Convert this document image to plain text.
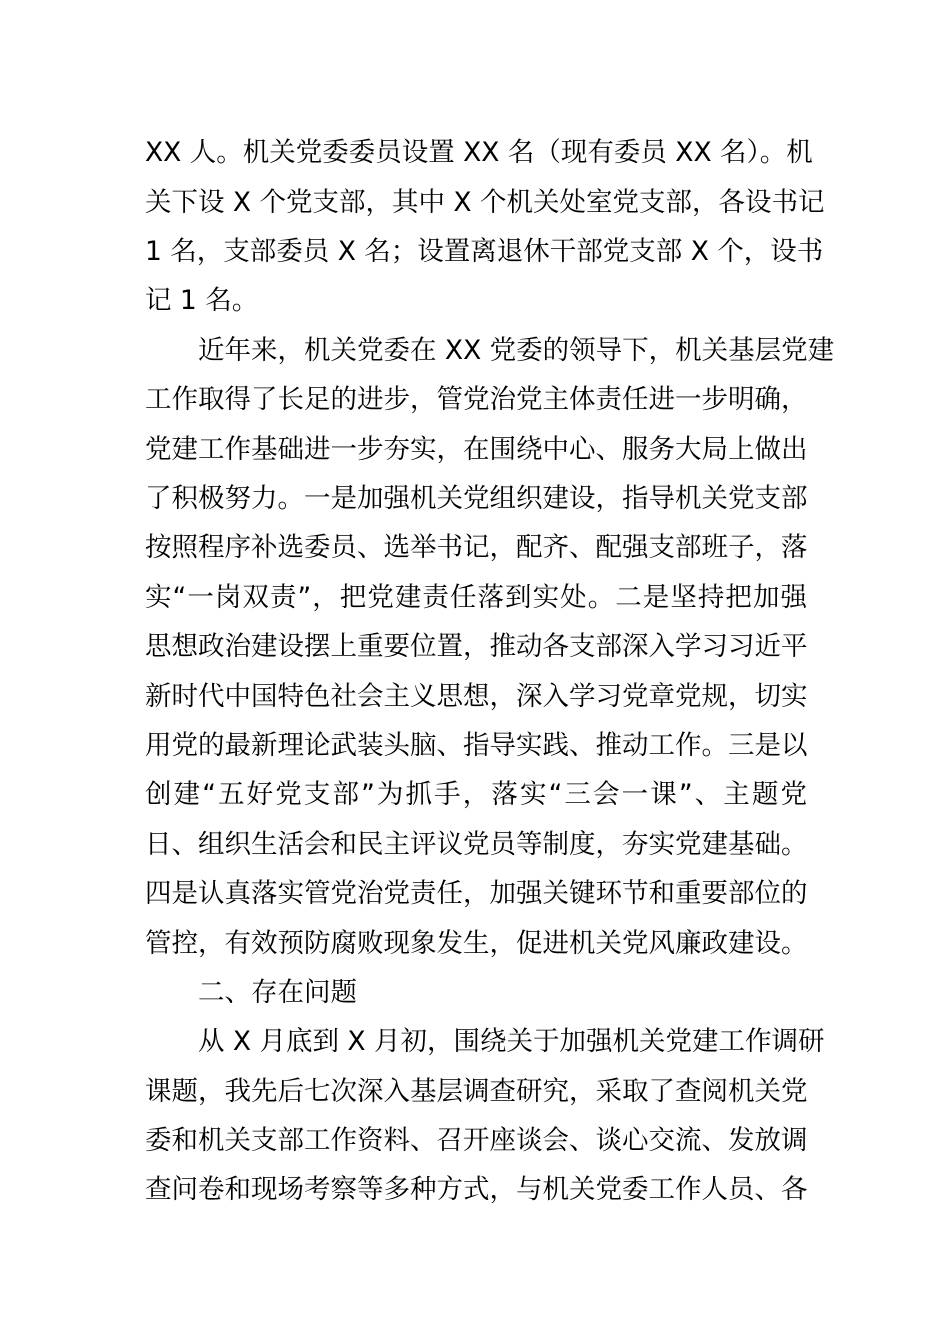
XX 人。机关党委委员设置 XX 名（现有委员 XX 名）。机
关下设 X 个党支部，其中 X 个机关处室党支部，各设书记
1 名，支部委员 X 名；设置离退休干部党支部 X 个，设书
记 1 名。
近年来，机关党委在 XX 党委的领导下，机关基层党建
工作取得了长足的进步，管党治党主体责任进一步明确，
党建工作基础进一步夯实，在围绕中心、服务大局上做出
了积极努力。一是加强机关党组织建设，指导机关党支部
按照程序补选委员、选举书记，配齐、配强支部班子，落
实“一岗双责”，把党建责任落到实处。二是坚持把加强
思想政治建设摆上重要位置，推动各支部深入学习习近平
新时代中国特色社会主义思想，深入学习党章党规，切实
用党的最新理论武装头脑、指导实践、推动工作。三是以
创建“五好党支部”为抓手，落实“三会一课”、主题党
日、组织生活会和民主评议党员等制度，夯实党建基础。
四是认真落实管党治党责任，加强关键环节和重要部位的
管控，有效预防腐败现象发生，促进机关党风廉政建设。
二、存在问题
从 X 月底到 X 月初，围绕关于加强机关党建工作调研
课题，我先后七次深入基层调查研究，采取了查阅机关党
委和机关支部工作资料、召开座谈会、谈心交流、发放调
查问卷和现场考察等多种方式，与机关党委工作人员、各
